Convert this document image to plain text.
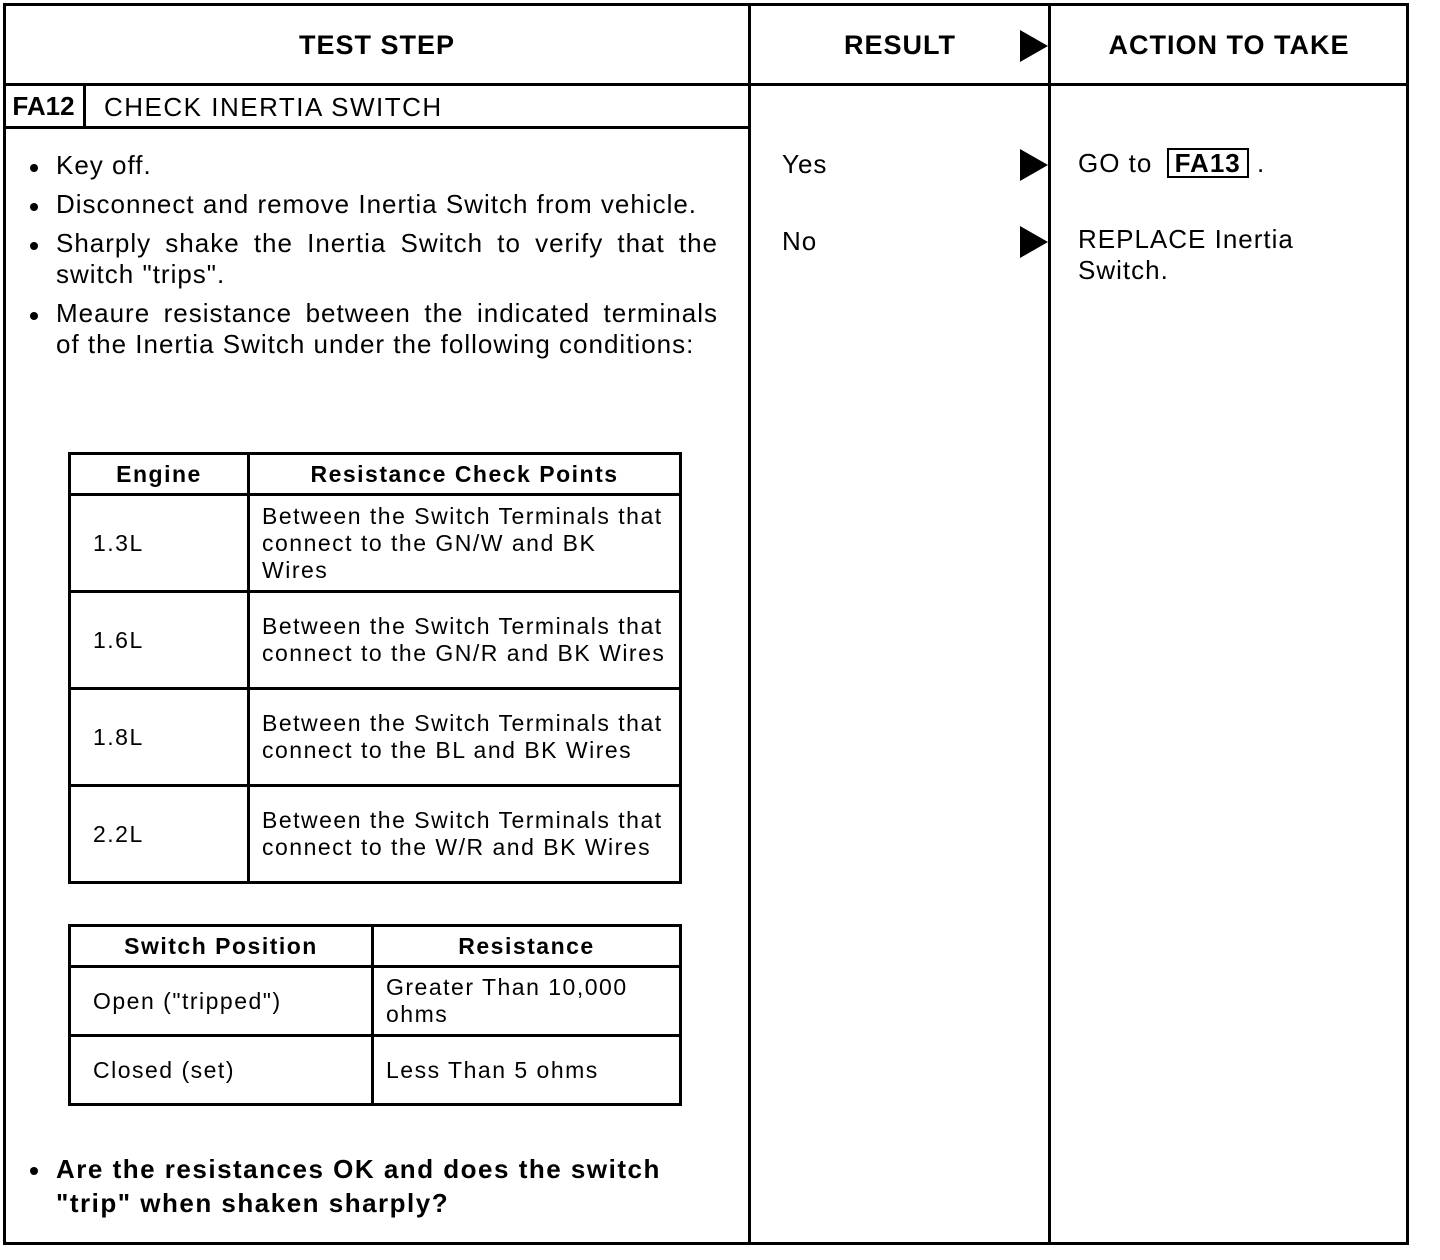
TEST STEP	RESULT	ACTION TO TAKE
FA12	CHECK INERTIA SWITCH
Key off.
Disconnect and remove Inertia Switch from vehicle.
Sharply shake the Inertia Switch to verify that the switch "trips".
Meaure resistance between the indicated terminals of the Inertia Switch under the following conditions:
Engine	Resistance Check Points
1.3L	Between the Switch Terminals that connect to the GN/W and BK Wires
1.6L	Between the Switch Terminals that connect to the GN/R and BK Wires
1.8L	Between the Switch Terminals that connect to the BL and BK Wires
2.2L	Between the Switch Terminals that connect to the W/R and BK Wires
Switch Position	Resistance
Open ("tripped")	Greater Than 10,000 ohms
Closed (set)	Less Than 5 ohms
Are the resistances OK and does the switch "trip" when shaken sharply?
Yes	GO to FA13 .
No	REPLACE Inertia Switch.
